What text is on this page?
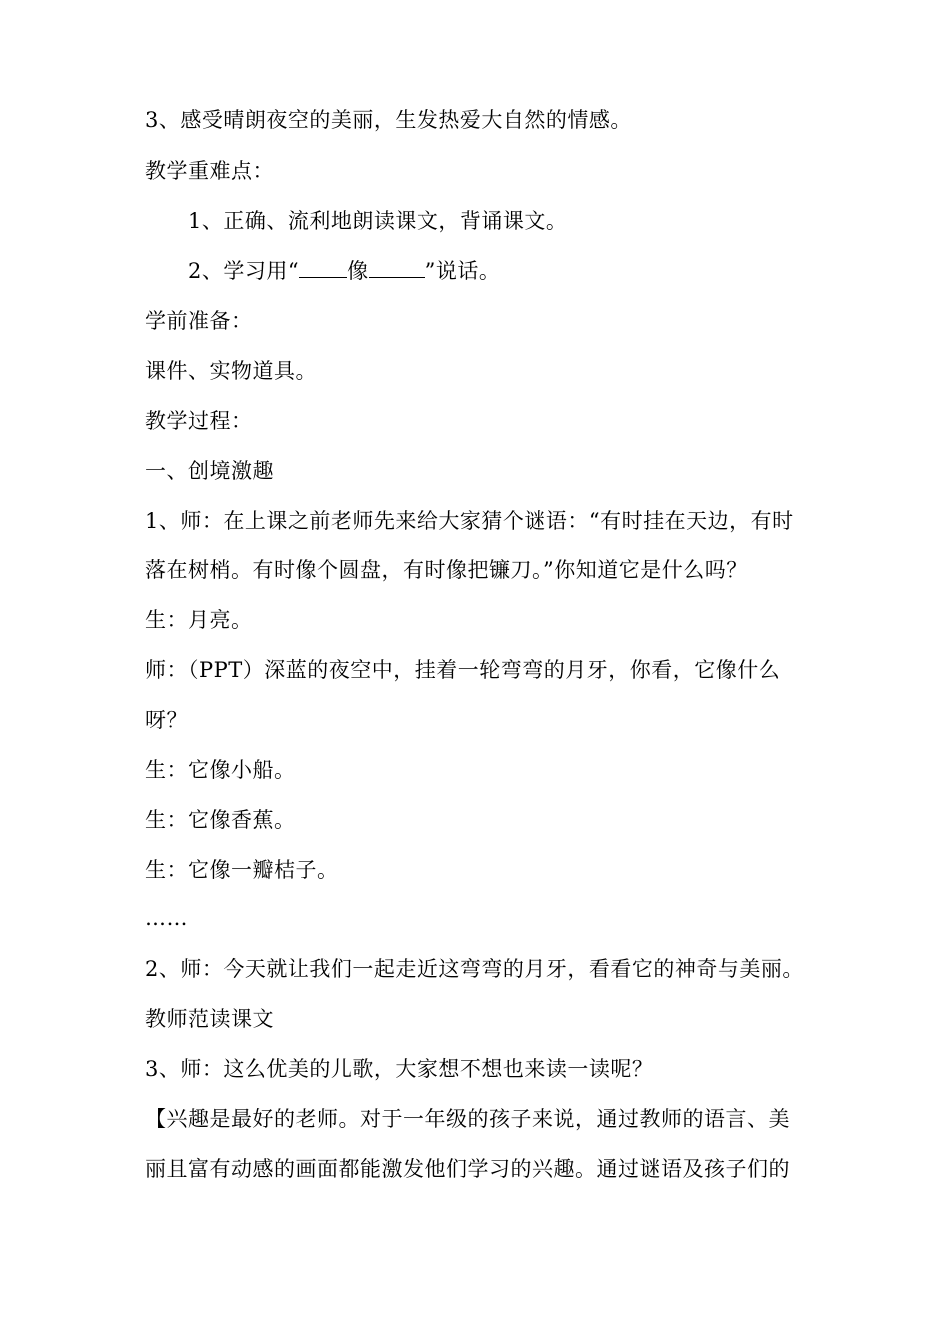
3、感受晴朗夜空的美丽，生发热爱大自然的情感。
教学重难点：
1、正确、流利地朗读课文，背诵课文。
2、学习用“ 像	”说话。
学前准备：
课件、实物道具。
教学过程：
一、创境激趣
1、师：在上课之前老师先来给大家猜个谜语：“有时挂在天边，有时
落在树梢。有时像个圆盘，有时像把镰刀。”你知道它是什么吗？
生：月亮。
师：（PPT）深蓝的夜空中，挂着一轮弯弯的月牙，你看，它像什么
呀？
生：它像小船。
生：它像香蕉。
生：它像一瓣桔子。
……
2、师：今天就让我们一起走近这弯弯的月牙，看看它的神奇与美丽。
教师范读课文
3、师：这么优美的儿歌，大家想不想也来读一读呢？
【兴趣是最好的老师。对于一年级的孩子来说，通过教师的语言、美
丽且富有动感的画面都能激发他们学习的兴趣。通过谜语及孩子们的
